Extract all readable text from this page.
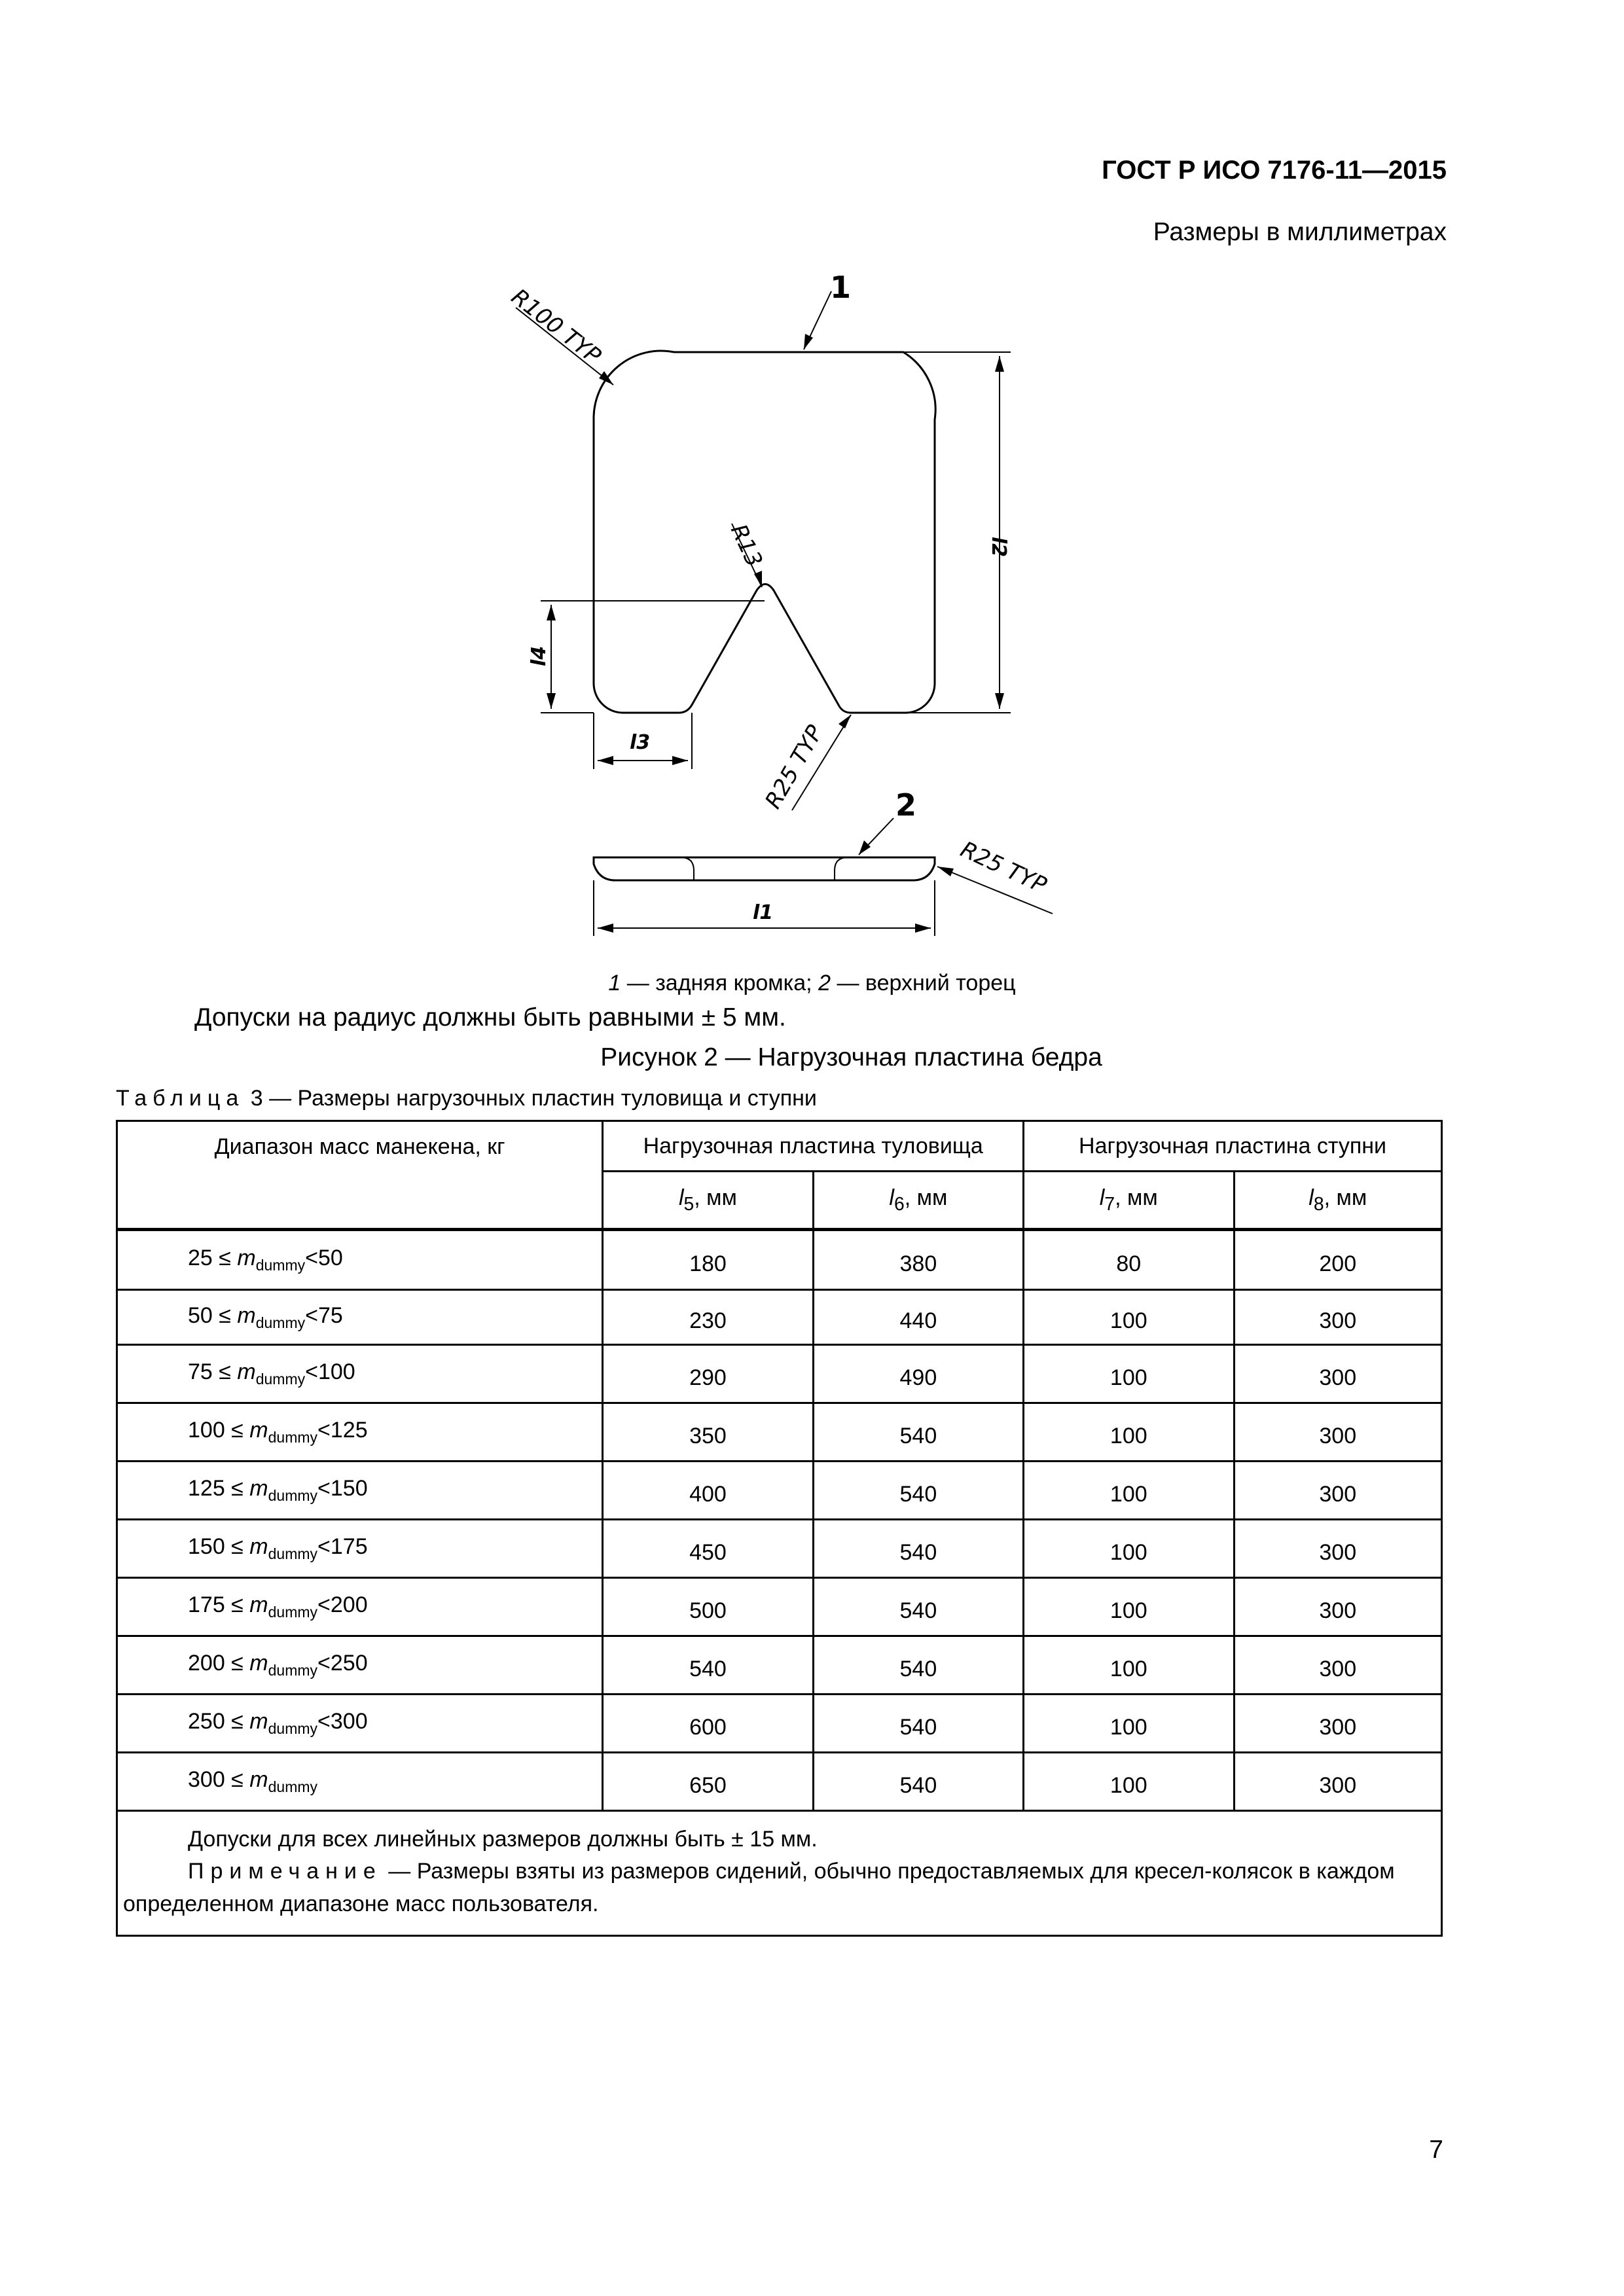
ГОСТ Р ИСО 7176-11—2015
Размеры в миллиметрах
1
2
R100 TYP
R13
R25 TYP
R25 TYP
l2
l4
l3
l1
1 — задняя кромка; 2 — верхний торец
Допуски на радиус должны быть равными ± 5 мм.
Рисунок 2 — Нагрузочная пластина бедра
Таблица 3 — Размеры нагрузочных пластин туловища и ступни
Диапазон масс манекена, кг	Нагрузочная пластина туловища		Нагрузочная пластина ступни	
	$l_5$, мм	$l_6$, мм	$l_7$, мм	$l_8$, мм
$25 \le m_{dummy}<50$	180	380	80	200
$50 \le m_{dummy}<75$	230	440	100	300
$75 \le m_{dummy}<100$	290	490	100	300
$100 \le m_{dummy}<125$	350	540	100	300
$125 \le m_{dummy}<150$	400	540	100	300
$150 \le m_{dummy}<175$	450	540	100	300
$175 \le m_{dummy}<200$	500	540	100	300
$200 \le m_{dummy}<250$	540	540	100	300
$250 \le m_{dummy}<300$	600	540	100	300
$300 \le m_{dummy}$	650	540	100	300

Допуски для всех линейных размеров должны быть ± 15 мм.
Примечание — Размеры взяты из размеров сидений, обычно предоставляемых для кресел-колясок в каждом определенном диапазоне масс пользователя.				
7
